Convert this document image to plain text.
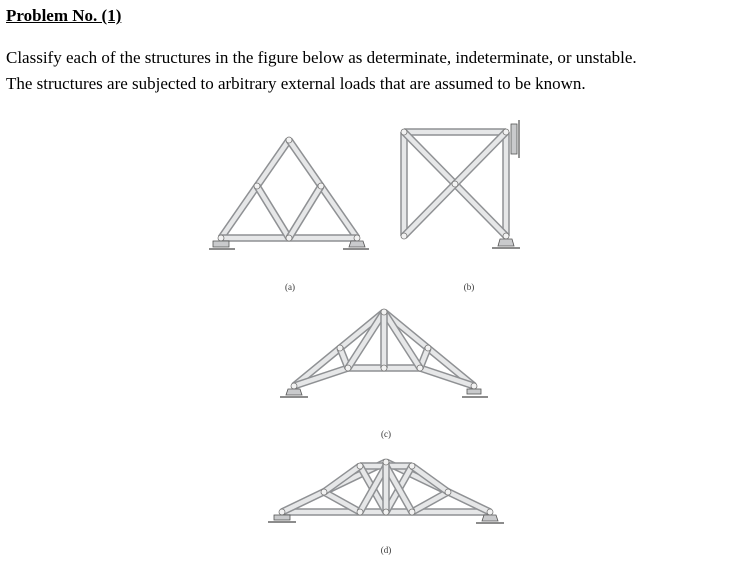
Problem No. (1)

Classify each of the structures in the figure below as determinate, indeterminate, or unstable.
The structures are subjected to arbitrary external loads that are assumed to be known.

(a)	(b)
(c)
(d)
